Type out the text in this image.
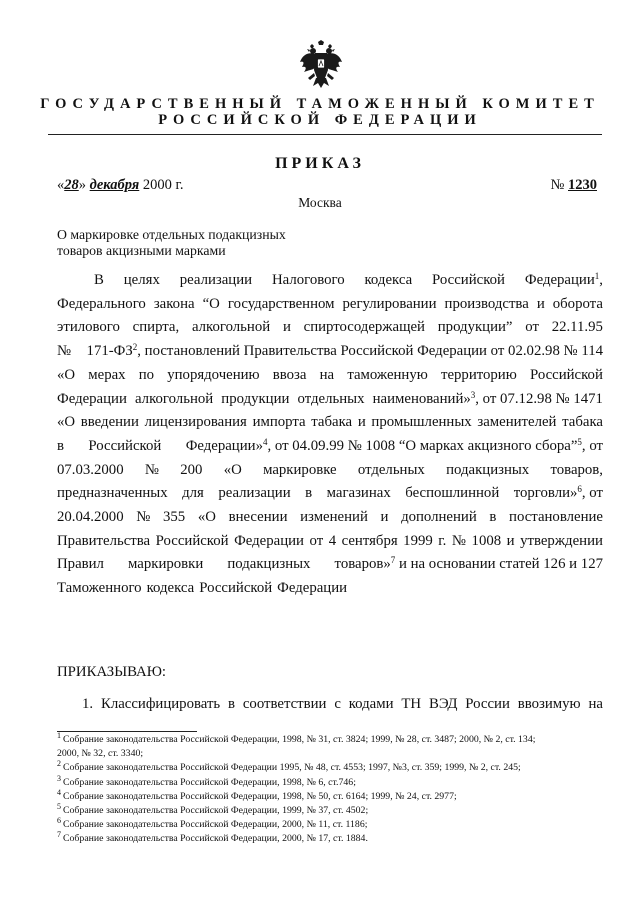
ГОСУДАРСТВЕННЫЙ ТАМОЖЕННЫЙ КОМИТЕТ
РОССИЙСКОЙ ФЕДЕРАЦИИ
ПРИКАЗ
«28» декабря 2000 г.	№ 1230
Москва
О маркировке отдельных подакцизных
товаров акцизными марками
В целях реализации Налогового кодекса Российской Федерации$^1$,
Федерального закона “О государственном регулировании производства и оборота
этилового спирта, алкогольной и спиртосодержащей продукции” от 22.11.95
№ $171-ФЗ^2$, постановлений Правительства Российской Федерации от 02.02.98 № 114
«О мерах по упорядочению ввоза на таможенную территорию Российской
Федерации алкогольной продукции отдельных наименований»$^3$, от 07.12.98 № 1471
«О введении лицензирования импорта табака и промышленных заменителей табака
в Российской Федерации»$^4$, от 04.09.99 № 1008 “О марках акцизного сбора”$^5$, от
07.03.2000 № 200 «О маркировке отдельных подакцизных товаров,
предназначенных для реализации в магазинах беспошлинной торговли»$^6$, от
20.04.2000 № 355 «О внесении изменений и дополнений в постановление
Правительства Российской Федерации от 4 сентября 1999 г. № 1008 и утверждении
Правил маркировки подакцизных товаров»$^7$ и на основании статей 126 и 127
Таможенного кодекса Российской Федерации
ПРИКАЗЫВАЮ:
1. Классифицировать в соответствии с кодами ТН ВЭД России ввозимую на
$^1$ Собрание законодательства Российской Федерации, 1998, № 31, ст. 3824; 1999, № 28, ст. 3487; 2000, № 2, ст. 134;
2000, № 32, ст. 3340;
$^2$ Собрание законодательства Российской Федерации 1995, № 48, ст. 4553; 1997, №3, ст. 359; 1999, № 2, ст. 245;
$^3$ Собрание законодательства Российской Федерации, 1998, № 6, ст.746;
$^4$ Собрание законодательства Российской Федерации, 1998, № 50, ст. 6164; 1999, № 24, ст. 2977;
$^5$ Собрание законодательства Российской Федерации, 1999, № 37, ст. 4502;
$^6$ Собрание законодательства Российской Федерации, 2000, № 11, ст. 1186;
$^7$ Собрание законодательства Российской Федерации, 2000, № 17, ст. 1884.
